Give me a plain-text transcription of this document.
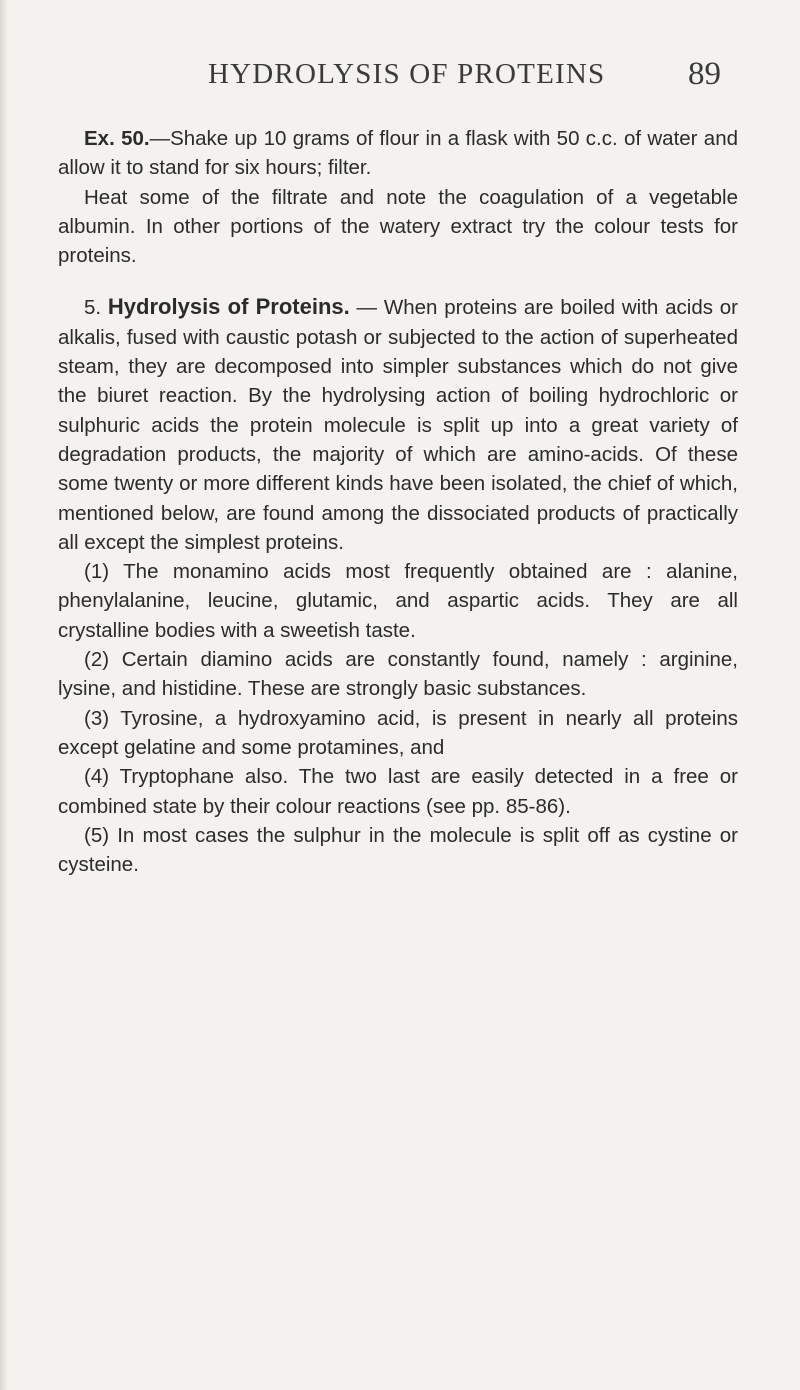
HYDROLYSIS OF PROTEINS	89

Ex. 50.—Shake up 10 grams of flour in a flask with 50 c.c. of water and allow it to stand for six hours; filter.

Heat some of the filtrate and note the coagulation of a vegetable albumin. In other portions of the watery extract try the colour tests for proteins.

5. Hydrolysis of Proteins. — When proteins are boiled with acids or alkalis, fused with caustic potash or subjected to the action of superheated steam, they are decomposed into simpler substances which do not give the biuret reaction. By the hydrolysing action of boiling hydrochloric or sulphuric acids the protein molecule is split up into a great variety of degradation products, the majority of which are amino-acids. Of these some twenty or more different kinds have been isolated, the chief of which, mentioned below, are found among the dissociated products of practically all except the simplest proteins.

(1) The monamino acids most frequently obtained are : alanine, phenylalanine, leucine, glutamic, and aspartic acids. They are all crystalline bodies with a sweetish taste.

(2) Certain diamino acids are constantly found, namely : arginine, lysine, and histidine. These are strongly basic substances.

(3) Tyrosine, a hydroxyamino acid, is present in nearly all proteins except gelatine and some protamines, and

(4) Tryptophane also. The two last are easily detected in a free or combined state by their colour reactions (see pp. 85-86).

(5) In most cases the sulphur in the molecule is split off as cystine or cysteine.
